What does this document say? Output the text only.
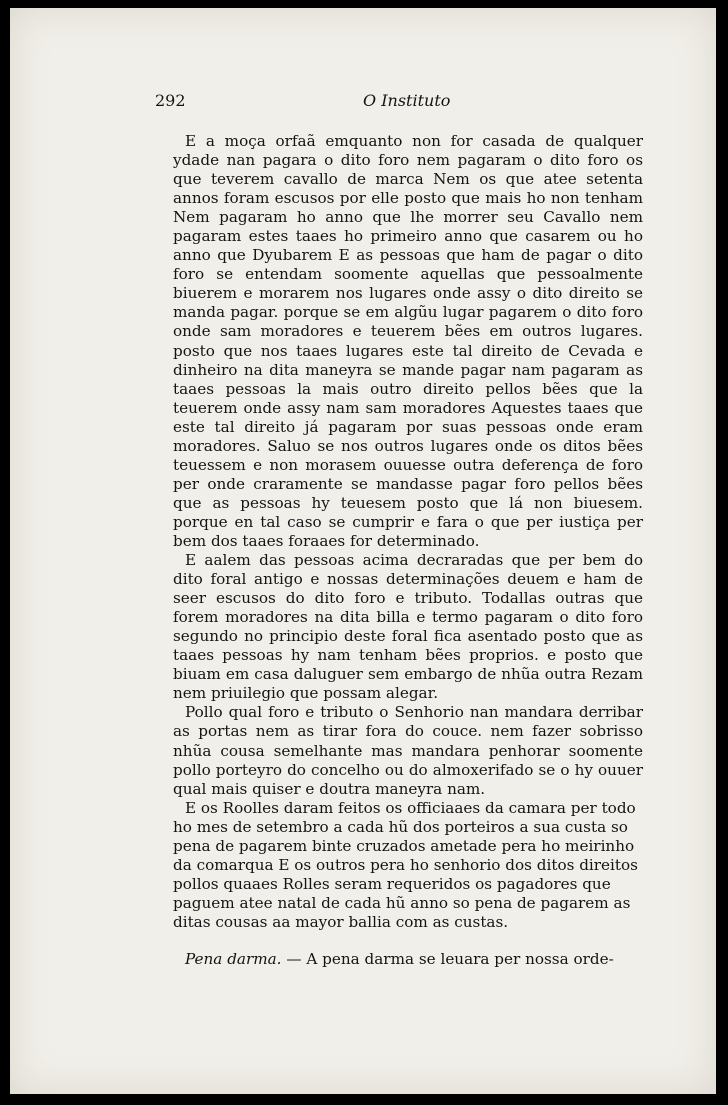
292	O Instituto

E a moça orfaã emquanto non for casada de qualquer ydade nan pagara o dito foro nem pagaram o dito foro os que teverem cavallo de marca Nem os que atee setenta annos foram escusos por elle posto que mais ho non tenham Nem pagaram ho anno que lhe morrer seu Cavallo nem pagaram estes taaes ho primeiro anno que casarem ou ho anno que Dyubarem E as pessoas que ham de pagar o dito foro se entendam soomente aquellas que pessoalmente biuerem e morarem nos lugares onde assy o dito direito se manda pagar. porque se em algũu lugar pagarem o dito foro onde sam moradores e teuerem bẽes em outros lugares. posto que nos taaes lugares este tal direito de Cevada e dinheiro na dita maneyra se mande pagar nam pagaram as taaes pessoas la mais outro direito pellos bẽes que la teuerem onde assy nam sam moradores Aquestes taaes que este tal direito já pagaram por suas pessoas onde eram moradores. Saluo se nos outros lugares onde os ditos bẽes teuessem e non morasem ouuesse outra deferença de foro per onde craramente se mandasse pagar foro pellos bẽes que as pessoas hy teuesem posto que lá non biuesem. porque en tal caso se cumprir e fara o que per iustiça per bem dos taaes foraaes for determinado.

E aalem das pessoas acima decraradas que per bem do dito foral antigo e nossas determinações deuem e ham de seer escusos do dito foro e tributo. Todallas outras que forem moradores na dita billa e termo pagaram o dito foro segundo no principio deste foral fica asentado posto que as taaes pessoas hy nam tenham bẽes proprios. e posto que biuam em casa daluguer sem embargo de nhũa outra Rezam nem priuilegio que possam alegar.

Pollo qual foro e tributo o Senhorio nan mandara derribar as portas nem as tirar fora do couce. nem fazer sobrisso nhũa cousa semelhante mas mandara penhorar soomente pollo porteyro do concelho ou do almoxerifado se o hy ouuer qual mais quiser e doutra maneyra nam.

E os Roolles daram feitos os officiaaes da camara per todo ho mes de setembro a cada hũ dos porteiros a sua custa so pena de pagarem binte cruzados ametade pera ho meirinho da comarqua E os outros pera ho senhorio dos ditos direitos pollos quaaes Rolles seram requeridos os pagadores que paguem atee natal de cada hũ anno so pena de pagarem as ditas cousas aa mayor ballia com as custas.

Pena darma. — A pena darma se leuara per nossa orde-
